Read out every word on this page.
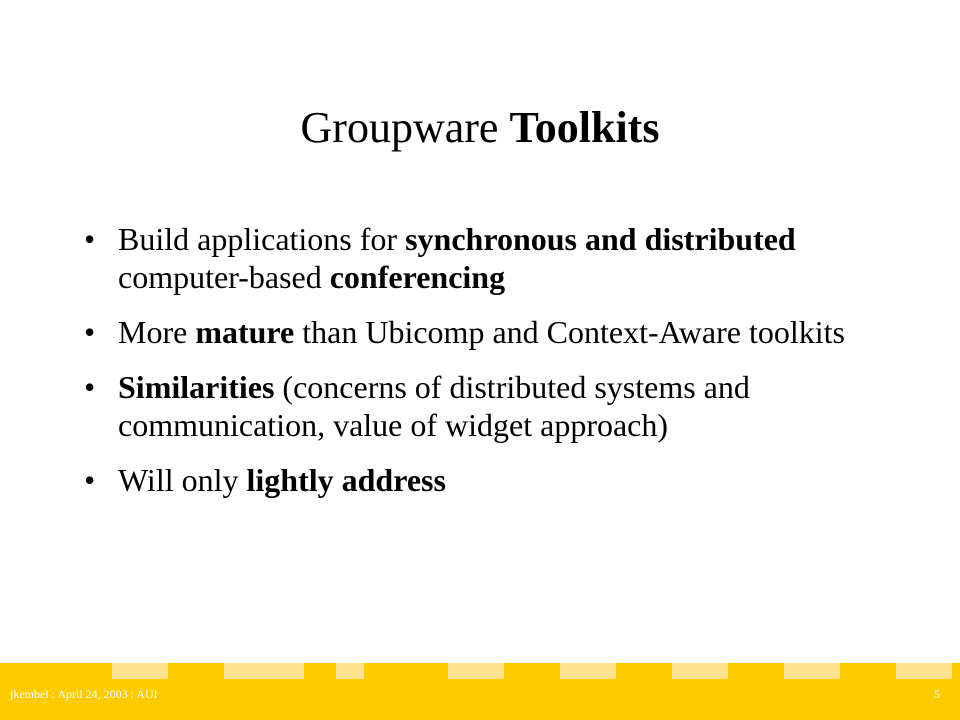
Groupware Toolkits
• Build applications for synchronous and distributed computer-based conferencing
• More mature than Ubicomp and Context-Aware toolkits
• Similarities (concerns of distributed systems and communication, value of widget approach)
• Will only lightly address
jkembel : April 24, 2003 : AUI	5
